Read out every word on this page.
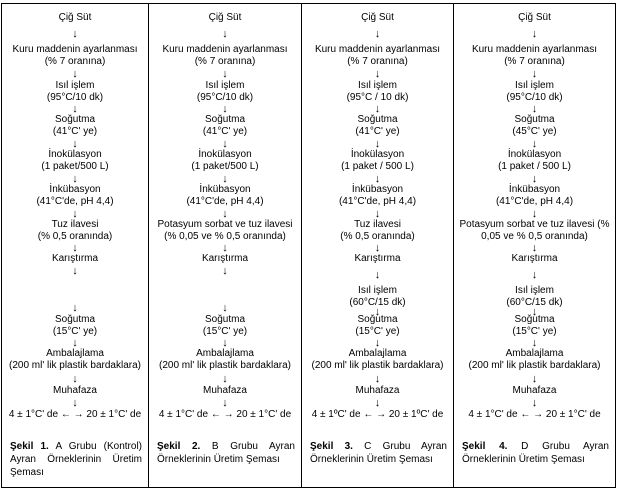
Çiğ Süt
↓
Kuru maddenin ayarlanması
(% 7 oranına)
↓
Isıl işlem
(95°C/10 dk)
↓
Soğutma
(41°C' ye)
↓
İnokülasyon
(1 paket/500 L)
↓
İnkübasyon
(41°C'de, pH 4,4)
↓
Tuz ilavesi
(% 0,5 oranında)
↓
Karıştırma
↓
↓
Soğutma
(15°C' ye)
↓
Ambalajlama
(200 ml' lik plastik bardaklara)
↓
Muhafaza
↓
4 ± 1°C' de ← → 20 ± 1°C' de
Şekil 1. A Grubu (Kontrol) Ayran Örneklerinin Üretim Şeması
Çiğ Süt
↓
Kuru maddenin ayarlanması
(% 7 oranına)
↓
Isıl işlem
(95°C/10 dk)
↓
Soğutma
(41°C' ye)
↓
İnokülasyon
(1 paket/500 L)
↓
İnkübasyon
(41°C'de, pH 4,4)
↓
Potasyum sorbat ve tuz ilavesi
(% 0,05 ve % 0,5 oranında)
↓
Karıştırma
↓
↓
Soğutma
(15°C' ye)
↓
Ambalajlama
(200 ml' lik plastik bardaklara)
↓
Muhafaza
↓
4 ± 1°C' de ← → 20 ± 1°C' de
Şekil 2. B Grubu Ayran Örneklerinin Üretim Şeması
Çiğ Süt
↓
Kuru maddenin ayarlanması
(% 7 oranına)
↓
Isıl işlem
(95°C / 10 dk)
↓
Soğutma
(41°C' ye)
↓
İnokülasyon
(1 paket / 500 L)
↓
İnkübasyon
(41°C'de, pH 4,4)
↓
Tuz ilavesi
(% 0,5 oranında)
↓
Karıştırma
↓
Isıl işlem
(60°C/15 dk)
↓
Soğutma
(15°C' ye)
↓
Ambalajlama
(200 ml' lik plastik bardaklara)
↓
Muhafaza
↓
4 ± 1ºC' de ← → 20 ± 1ºC' de
Şekil 3. C Grubu Ayran Örneklerinin Üretim Şeması
Çiğ Süt
↓
Kuru maddenin ayarlanması
(% 7 oranına)
↓
Isıl işlem
(95°C/10 dk)
↓
Soğutma
(45°C' ye)
↓
İnokülasyon
(1 paket / 500 L)
↓
İnkübasyon
(41°C'de, pH 4,4)
↓
Potasyum sorbat ve tuz ilavesi (%
0,05 ve % 0,5 oranında)
↓
Karıştırma
↓
Isıl işlem
(60°C/15 dk)
↓
Soğutma
(15°C' ye)
↓
Ambalajlama
(200 ml' lik plastik bardaklara)
↓
Muhafaza
↓
4 ± 1°C' de ← → 20 ± 1°C' de
Şekil 4. D Grubu Ayran Örneklerinin Üretim Şeması
